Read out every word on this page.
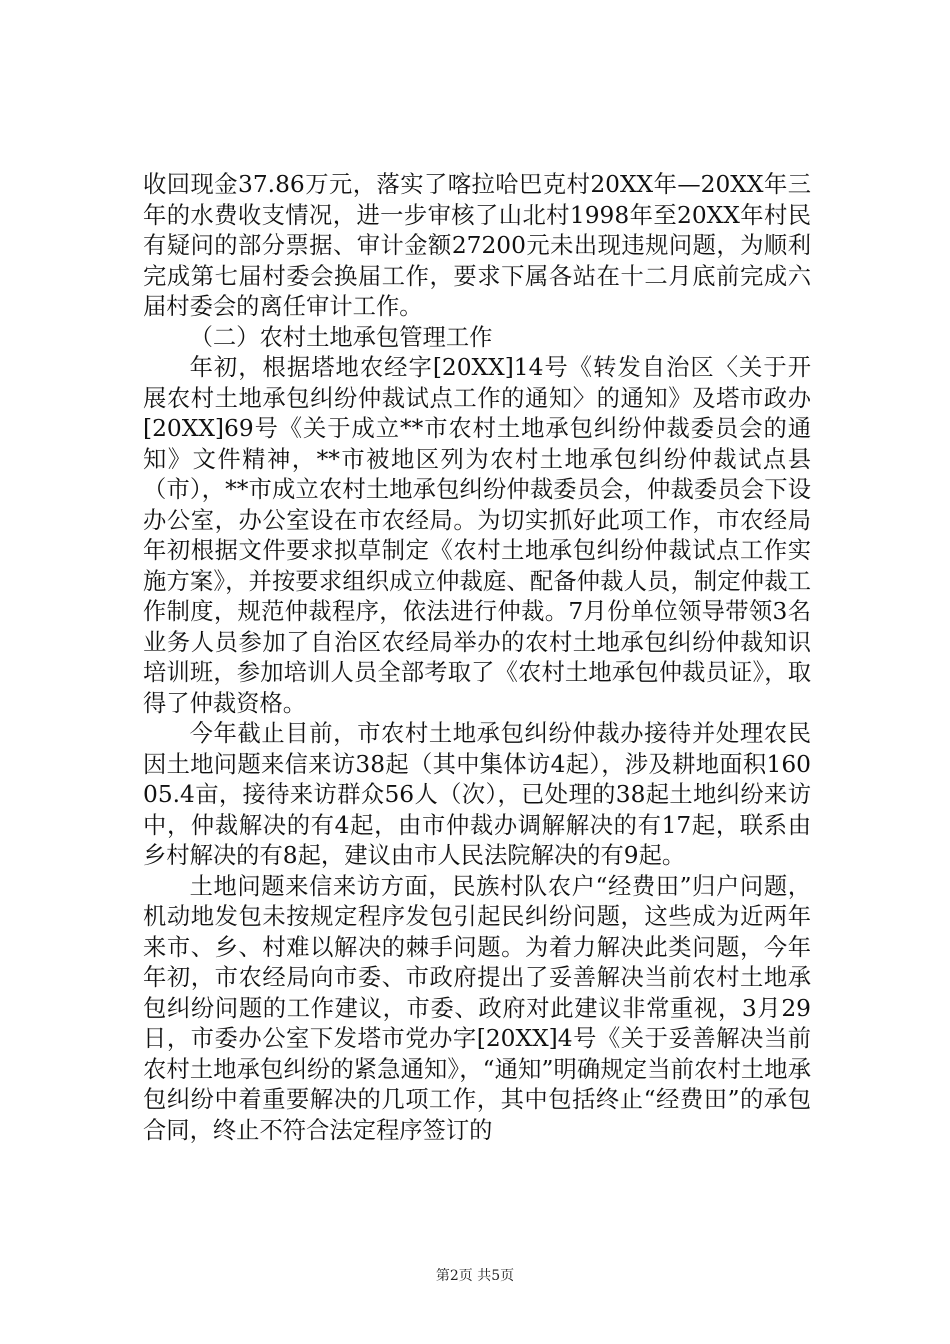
收回现金37.86万元，落实了喀拉哈巴克村20XX年—20XX年三年的水费收支情况，进一步审核了山北村1998年至20XX年村民有疑问的部分票据、审计金额27200元未出现违规问题，为顺利完成第七届村委会换届工作，要求下属各站在十二月底前完成六届村委会的离任审计工作。

（二）农村土地承包管理工作

年初，根据塔地农经字[20XX]14号《转发自治区〈关于开展农村土地承包纠纷仲裁试点工作的通知〉的通知》及塔市政办[20XX]69号《关于成立**市农村土地承包纠纷仲裁委员会的通知》文件精神，**市被地区列为农村土地承包纠纷仲裁试点县（市），**市成立农村土地承包纠纷仲裁委员会，仲裁委员会下设办公室，办公室设在市农经局。为切实抓好此项工作，市农经局年初根据文件要求拟草制定《农村土地承包纠纷仲裁试点工作实施方案》，并按要求组织成立仲裁庭、配备仲裁人员，制定仲裁工作制度，规范仲裁程序，依法进行仲裁。7月份单位领导带领3名业务人员参加了自治区农经局举办的农村土地承包纠纷仲裁知识培训班，参加培训人员全部考取了《农村土地承包仲裁员证》，取得了仲裁资格。

今年截止目前，市农村土地承包纠纷仲裁办接待并处理农民因土地问题来信来访38起（其中集体访4起），涉及耕地面积16005.4亩，接待来访群众56人（次），已处理的38起土地纠纷来访中，仲裁解决的有4起，由市仲裁办调解解决的有17起，联系由乡村解决的有8起，建议由市人民法院解决的有9起。

土地问题来信来访方面，民族村队农户“经费田”归户问题，机动地发包未按规定程序发包引起民纠纷问题，这些成为近两年来市、乡、村难以解决的棘手问题。为着力解决此类问题，今年年初，市农经局向市委、市政府提出了妥善解决当前农村土地承包纠纷问题的工作建议，市委、政府对此建议非常重视，3月29日，市委办公室下发塔市党办字[20XX]4号《关于妥善解决当前农村土地承包纠纷的紧急通知》，“通知”明确规定当前农村土地承包纠纷中着重要解决的几项工作，其中包括终止“经费田”的承包合同，终止不符合法定程序签订的

第2页 共5页
